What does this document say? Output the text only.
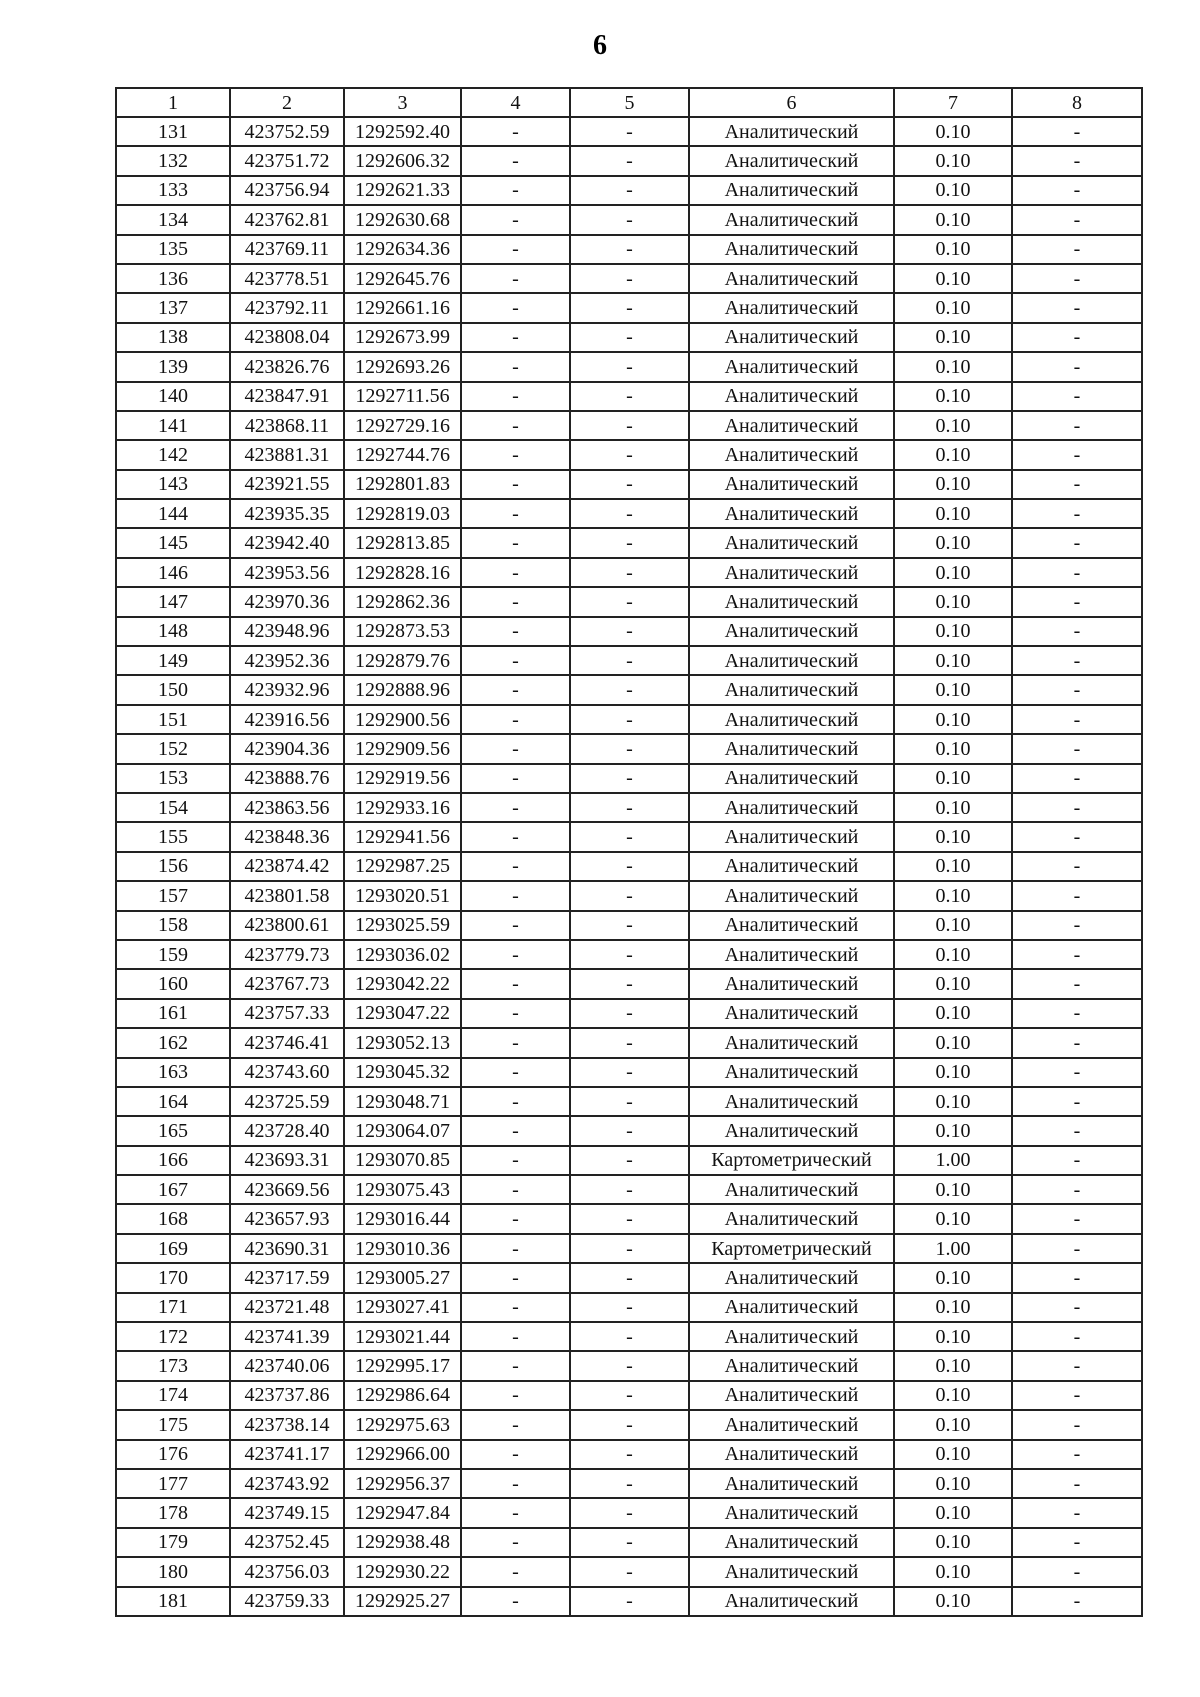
6
1	2	3	4	5	6	7	8
131	423752.59	1292592.40	-	-	Аналитический	0.10	-
132	423751.72	1292606.32	-	-	Аналитический	0.10	-
133	423756.94	1292621.33	-	-	Аналитический	0.10	-
134	423762.81	1292630.68	-	-	Аналитический	0.10	-
135	423769.11	1292634.36	-	-	Аналитический	0.10	-
136	423778.51	1292645.76	-	-	Аналитический	0.10	-
137	423792.11	1292661.16	-	-	Аналитический	0.10	-
138	423808.04	1292673.99	-	-	Аналитический	0.10	-
139	423826.76	1292693.26	-	-	Аналитический	0.10	-
140	423847.91	1292711.56	-	-	Аналитический	0.10	-
141	423868.11	1292729.16	-	-	Аналитический	0.10	-
142	423881.31	1292744.76	-	-	Аналитический	0.10	-
143	423921.55	1292801.83	-	-	Аналитический	0.10	-
144	423935.35	1292819.03	-	-	Аналитический	0.10	-
145	423942.40	1292813.85	-	-	Аналитический	0.10	-
146	423953.56	1292828.16	-	-	Аналитический	0.10	-
147	423970.36	1292862.36	-	-	Аналитический	0.10	-
148	423948.96	1292873.53	-	-	Аналитический	0.10	-
149	423952.36	1292879.76	-	-	Аналитический	0.10	-
150	423932.96	1292888.96	-	-	Аналитический	0.10	-
151	423916.56	1292900.56	-	-	Аналитический	0.10	-
152	423904.36	1292909.56	-	-	Аналитический	0.10	-
153	423888.76	1292919.56	-	-	Аналитический	0.10	-
154	423863.56	1292933.16	-	-	Аналитический	0.10	-
155	423848.36	1292941.56	-	-	Аналитический	0.10	-
156	423874.42	1292987.25	-	-	Аналитический	0.10	-
157	423801.58	1293020.51	-	-	Аналитический	0.10	-
158	423800.61	1293025.59	-	-	Аналитический	0.10	-
159	423779.73	1293036.02	-	-	Аналитический	0.10	-
160	423767.73	1293042.22	-	-	Аналитический	0.10	-
161	423757.33	1293047.22	-	-	Аналитический	0.10	-
162	423746.41	1293052.13	-	-	Аналитический	0.10	-
163	423743.60	1293045.32	-	-	Аналитический	0.10	-
164	423725.59	1293048.71	-	-	Аналитический	0.10	-
165	423728.40	1293064.07	-	-	Аналитический	0.10	-
166	423693.31	1293070.85	-	-	Картометрический	1.00	-
167	423669.56	1293075.43	-	-	Аналитический	0.10	-
168	423657.93	1293016.44	-	-	Аналитический	0.10	-
169	423690.31	1293010.36	-	-	Картометрический	1.00	-
170	423717.59	1293005.27	-	-	Аналитический	0.10	-
171	423721.48	1293027.41	-	-	Аналитический	0.10	-
172	423741.39	1293021.44	-	-	Аналитический	0.10	-
173	423740.06	1292995.17	-	-	Аналитический	0.10	-
174	423737.86	1292986.64	-	-	Аналитический	0.10	-
175	423738.14	1292975.63	-	-	Аналитический	0.10	-
176	423741.17	1292966.00	-	-	Аналитический	0.10	-
177	423743.92	1292956.37	-	-	Аналитический	0.10	-
178	423749.15	1292947.84	-	-	Аналитический	0.10	-
179	423752.45	1292938.48	-	-	Аналитический	0.10	-
180	423756.03	1292930.22	-	-	Аналитический	0.10	-
181	423759.33	1292925.27	-	-	Аналитический	0.10	-
